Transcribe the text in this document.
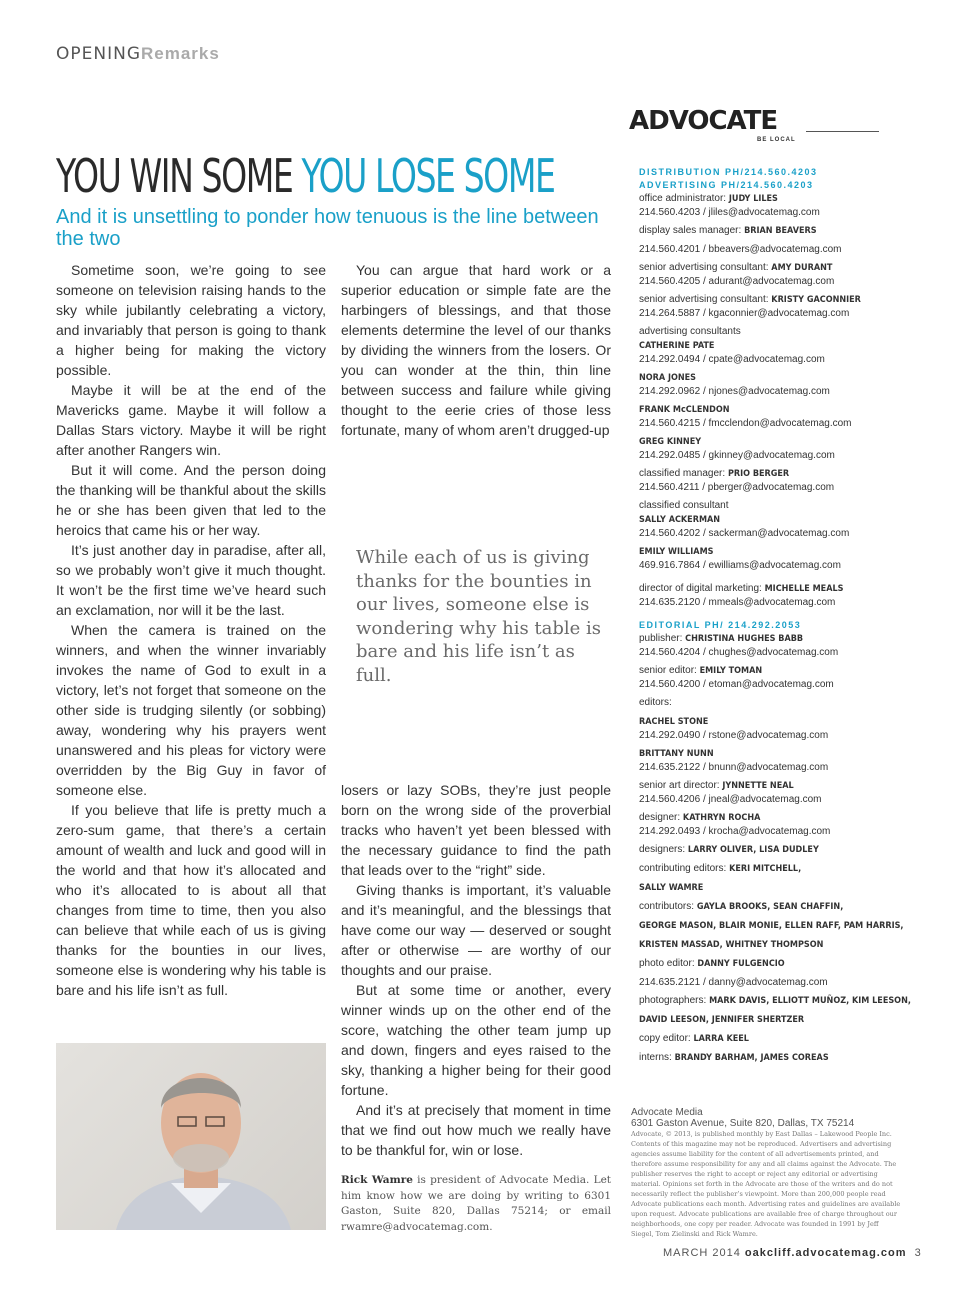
OPENINGRemarks
YOU WIN SOME YOU LOSE SOME
And it is unsettling to ponder how tenuous is the line between the two

Sometime soon, we’re going to see someone on television raising hands to the sky while jubilantly celebrating a victory, and invariably that person is going to thank a higher being for making the victory possible.

Maybe it will be at the end of the Mavericks game. Maybe it will follow a Dallas Stars victory. Maybe it will be right after another Rangers win.

But it will come. And the person doing the thanking will be thankful about the skills he or she has been given that led to the heroics that came his or her way.

It’s just another day in paradise, after all, so we probably won’t give it much thought. It won’t be the first time we’ve heard such an exclamation, nor will it be the last.

When the camera is trained on the winners, and when the winner invariably invokes the name of God to exult in a victory, let’s not forget that someone on the other side is trudging silently (or sobbing) away, wondering why his prayers went unanswered and his pleas for victory were overridden by the Big Guy in favor of someone else.

If you believe that life is pretty much a zero-sum game, that there’s a certain amount of wealth and luck and good will in the world and that how it’s allocated and who it’s allocated to is about all that changes from time to time, then you also can believe that while each of us is giving thanks for the bounties in our lives, someone else is wondering why his table is bare and his life isn’t as full.

You can argue that hard work or a superior education or simple fate are the harbingers of blessings, and that those elements determine the level of our thanks by dividing the winners from the losers. Or you can wonder at the thin, thin line between success and failure while giving thought to the eerie cries of those less fortunate, many of whom aren’t drugged-up

While each of us is giving thanks for the bounties in our lives, someone else is wondering why his table is bare and his life isn’t as full.

losers or lazy SOBs, they’re just people born on the wrong side of the proverbial tracks who haven’t yet been blessed with the necessary guidance to find the path that leads over to the “right” side.

Giving thanks is important, it’s valuable and it’s meaningful, and the blessings that have come our way — deserved or sought after or otherwise — are worthy of our thoughts and our praise.

But at some time or another, every winner winds up on the other end of the score, watching the other team jump up and down, fingers and eyes raised to the sky, thanking a higher being for their good fortune.

And it’s at precisely that moment in time that we find out how much we really have to be thankful for, win or lose.

Rick Wamre is president of Advocate Media. Let him know how we are doing by writing to 6301 Gaston, Suite 820, Dallas 75214; or email rwamre@advocatemag.com.
ADVOCATE
BE LOCAL
DISTRIBUTION PH/214.560.4203
ADVERTISING PH/214.560.4203
office administrator: JUDY LILES
214.560.4203 / jliles@advocatemag.com
display sales manager: BRIAN BEAVERS
214.560.4201 / bbeavers@advocatemag.com
senior advertising consultant: AMY DURANT
214.560.4205 / adurant@advocatemag.com
senior advertising consultant: KRISTY GACONNIER
214.264.5887 / kgaconnier@advocatemag.com
advertising consultants
CATHERINE PATE
214.292.0494 / cpate@advocatemag.com
NORA JONES
214.292.0962 / njones@advocatemag.com
FRANK McCLENDON
214.560.4215 / fmcclendon@advocatemag.com
GREG KINNEY
214.292.0485 / gkinney@advocatemag.com
classified manager: PRIO BERGER
214.560.4211 / pberger@advocatemag.com
classified consultant
SALLY ACKERMAN
214.560.4202 / sackerman@advocatemag.com
EMILY WILLIAMS
469.916.7864 / ewilliams@advocatemag.com
director of digital marketing: MICHELLE MEALS
214.635.2120 / mmeals@advocatemag.com
EDITORIAL PH/ 214.292.2053
publisher: CHRISTINA HUGHES BABB
214.560.4204 / chughes@advocatemag.com
senior editor: EMILY TOMAN
214.560.4200 / etoman@advocatemag.com
editors:
RACHEL STONE
214.292.0490 / rstone@advocatemag.com
BRITTANY NUNN
214.635.2122 / bnunn@advocatemag.com
senior art director: JYNNETTE NEAL
214.560.4206 / jneal@advocatemag.com
designer: KATHRYN ROCHA
214.292.0493 / krocha@advocatemag.com
designers: LARRY OLIVER, LISA DUDLEY
contributing editors: KERI MITCHELL,
SALLY WAMRE
contributors: GAYLA BROOKS, SEAN CHAFFIN,
GEORGE MASON, BLAIR MONIE, ELLEN RAFF, PAM HARRIS,
KRISTEN MASSAD, WHITNEY THOMPSON
photo editor: DANNY FULGENCIO
214.635.2121 / danny@advocatemag.com
photographers: MARK DAVIS, ELLIOTT MUÑOZ, KIM LEESON,
DAVID LEESON, JENNIFER SHERTZER
copy editor: LARRA KEEL
interns: BRANDY BARHAM, JAMES COREAS
Advocate Media
6301 Gaston Avenue, Suite 820, Dallas, TX 75214
Advocate, © 2013, is published monthly by East Dallas – Lakewood People Inc. Contents of this magazine may not be reproduced. Advertisers and advertising agencies assume liability for the content of all advertisements printed, and therefore assume responsibility for any and all claims against the Advocate. The publisher reserves the right to accept or reject any editorial or advertising material. Opinions set forth in the Advocate are those of the writers and do not necessarily reflect the publisher’s viewpoint. More than 200,000 people read Advocate publications each month. Advertising rates and guidelines are available upon request. Advocate publications are available free of charge throughout our neighborhoods, one copy per reader. Advocate was founded in 1991 by Jeff Siegel, Tom Zielinski and Rick Wamre.
MARCH 2014 oakcliff.advocatemag.com 3
